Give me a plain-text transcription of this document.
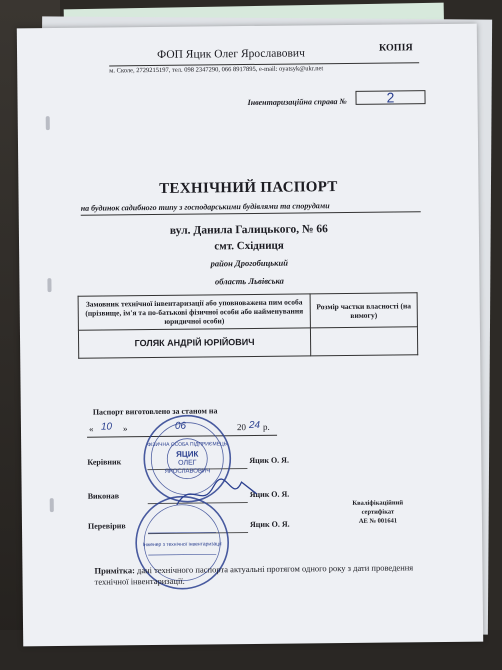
КОПІЯ
ФОП Яцик Олег Ярославович
м. Сколе, 2729215197, тел. 098 2347290, 066 8917895, e-mail: oyatsyk@ukr.net
Інвентаризаційна справа №	2
ТЕХНІЧНИЙ ПАСПОРТ
на будинок садибного типу з господарськими будівлями та спорудами
вул. Данила Галицького, № 66
смт. Східниця
район Дрогобицький
область Львівська
Замовник технічної інвентаризації або уповноважена пим особа (прізвище, ім'я та по-батькові фізичної особи або найменування юридичної особи)	Розмір частки власності (на вимогу)
ГОЛЯК АНДРІЙ ЮРІЙОВИЧ	
Паспорт виготовлено за станом на
« 10 »	06	20 24 р.
Керівник	Яцик О. Я.
Виконав	Яцик О. Я.
Перевірив	Яцик О. Я.
Кваліфікаційний
сертифікат
АЕ № 001641
ФІЗИЧНА ОСОБА ПІДПРИЄМЕЦЬ
ЯЦИК
ОЛЕГ
ЯРОСЛАВОВИЧ
Інженер з технічної інвентаризації
Примітка: дані технічного паспорта актуальні протягом одного року з дати проведення технічної інвентаризації.
